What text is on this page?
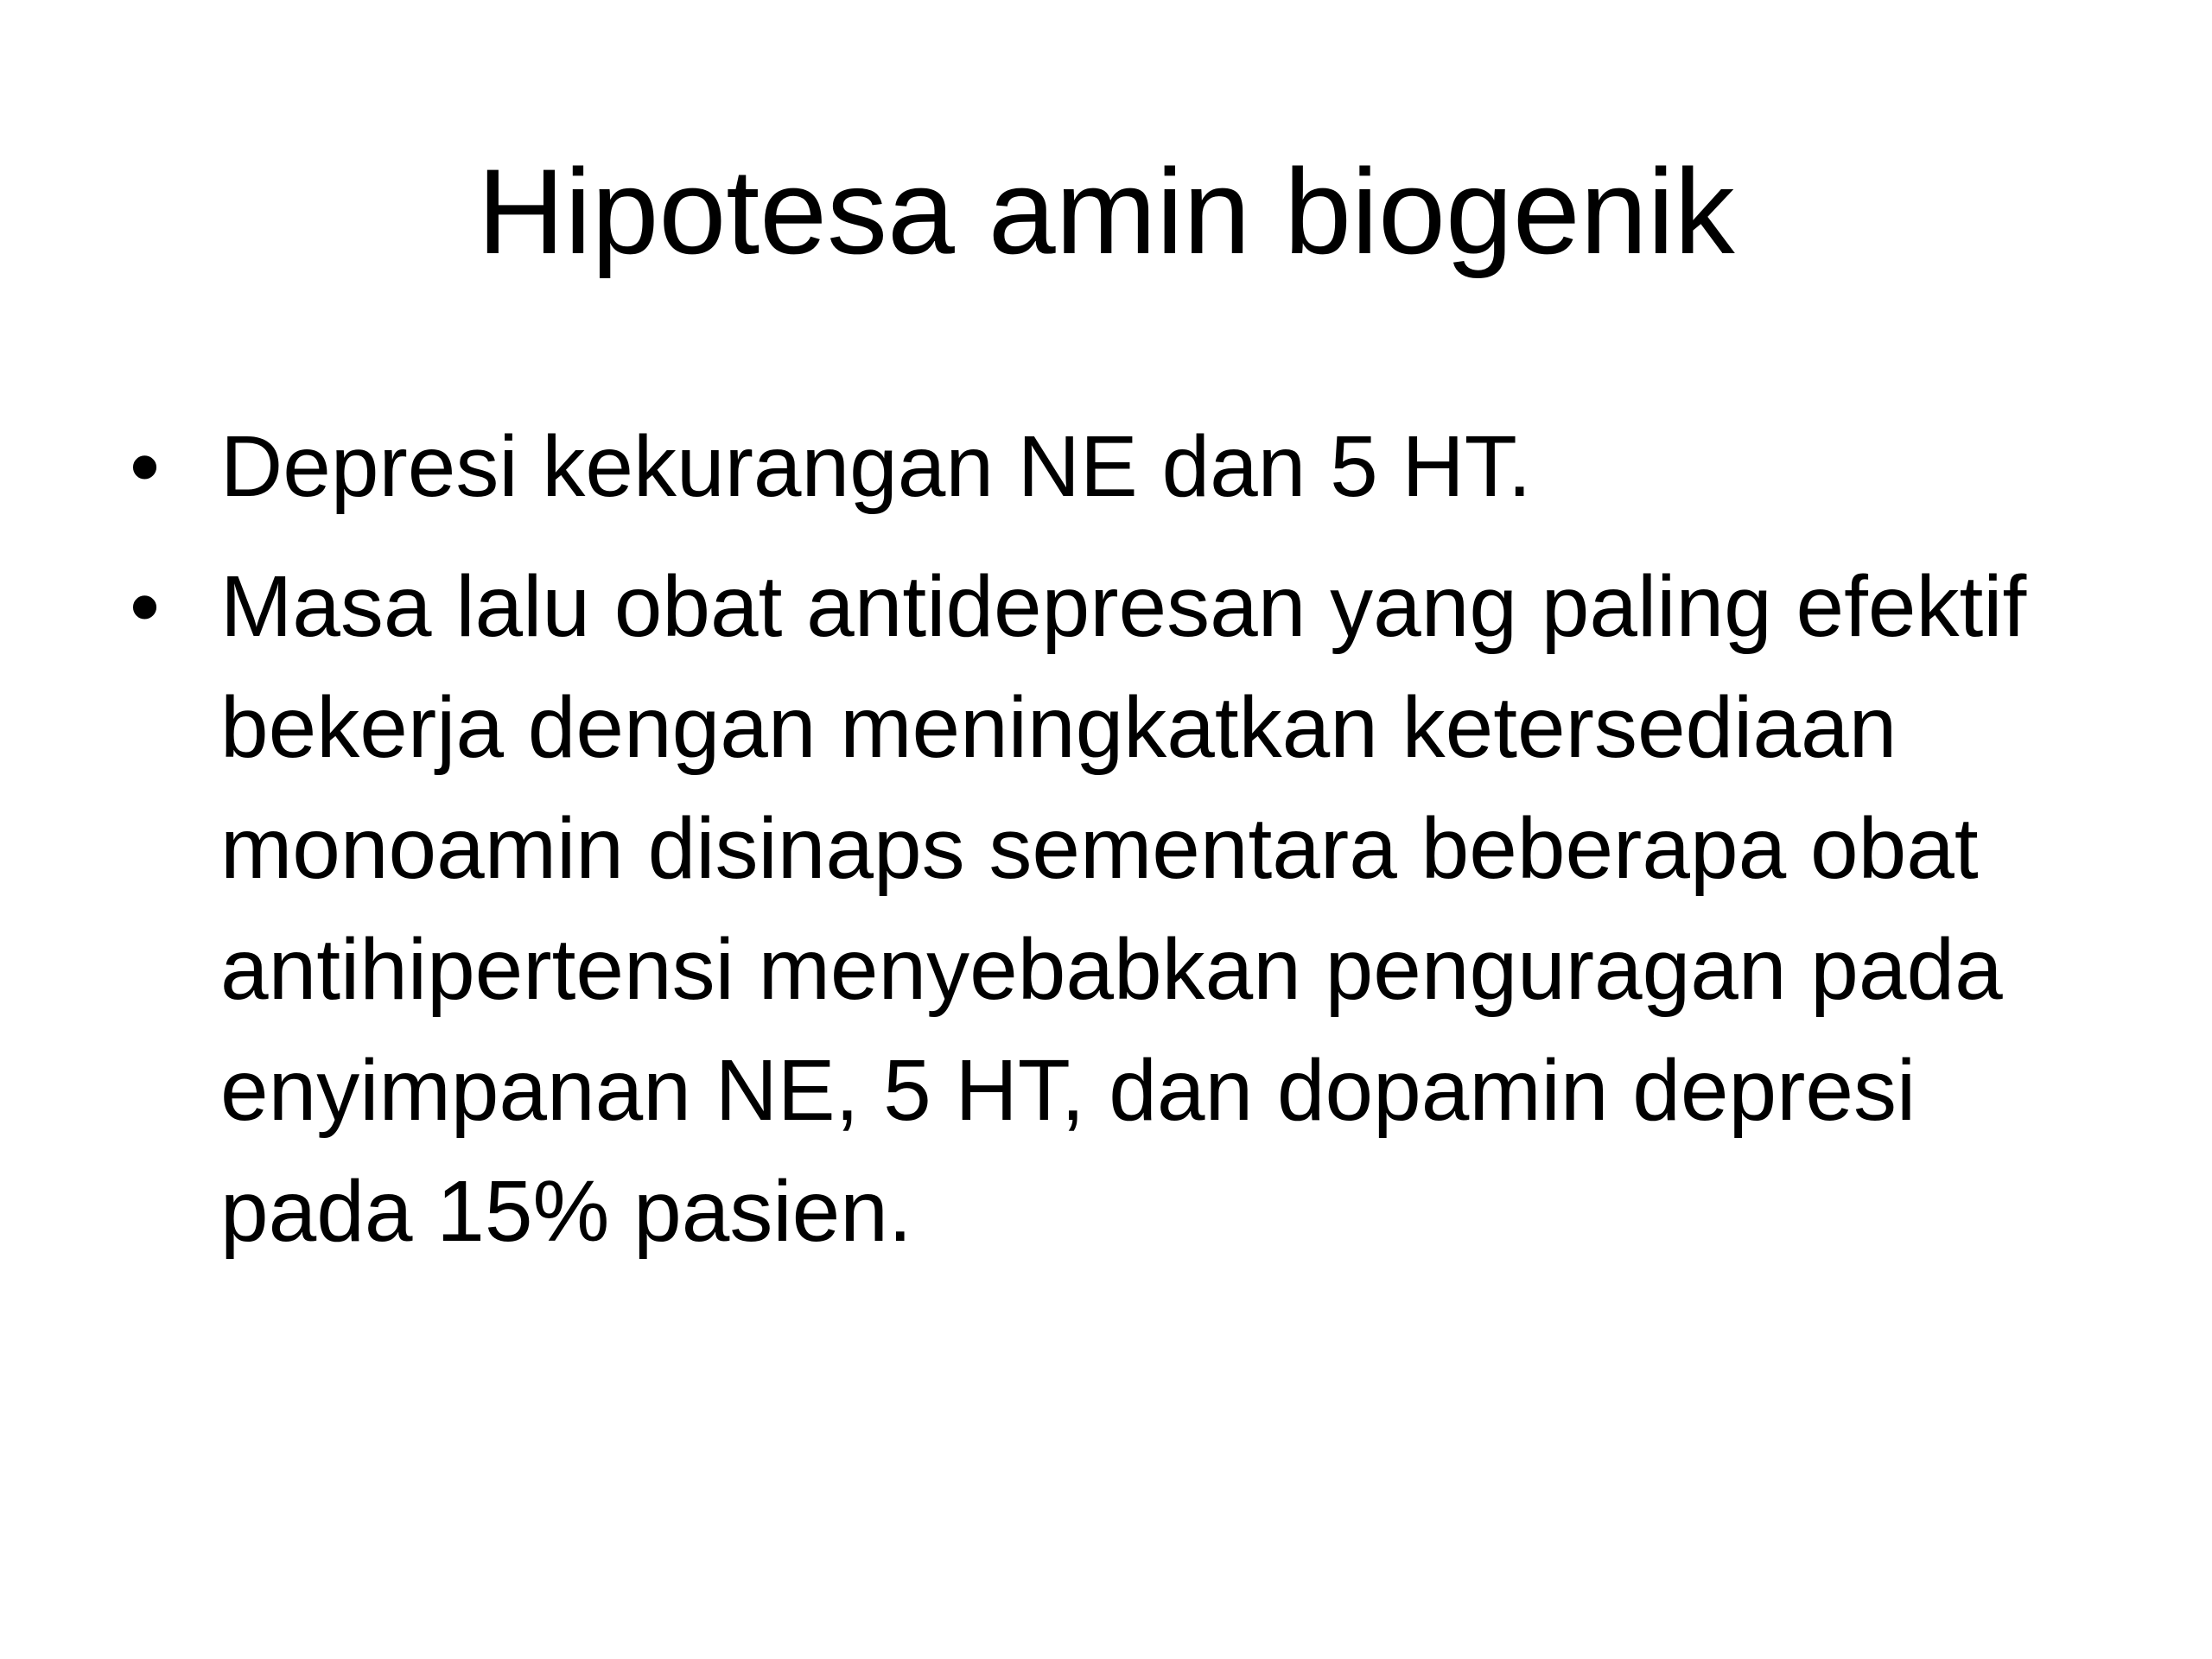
Hipotesa amin biogenik
• Depresi kekurangan NE dan 5 HT.
• Masa lalu obat antidepresan yang paling efektif bekerja dengan meningkatkan ketersediaan monoamin disinaps sementara beberapa obat antihipertensi menyebabkan penguragan pada enyimpanan NE, 5 HT, dan dopamin depresi pada 15% pasien.
